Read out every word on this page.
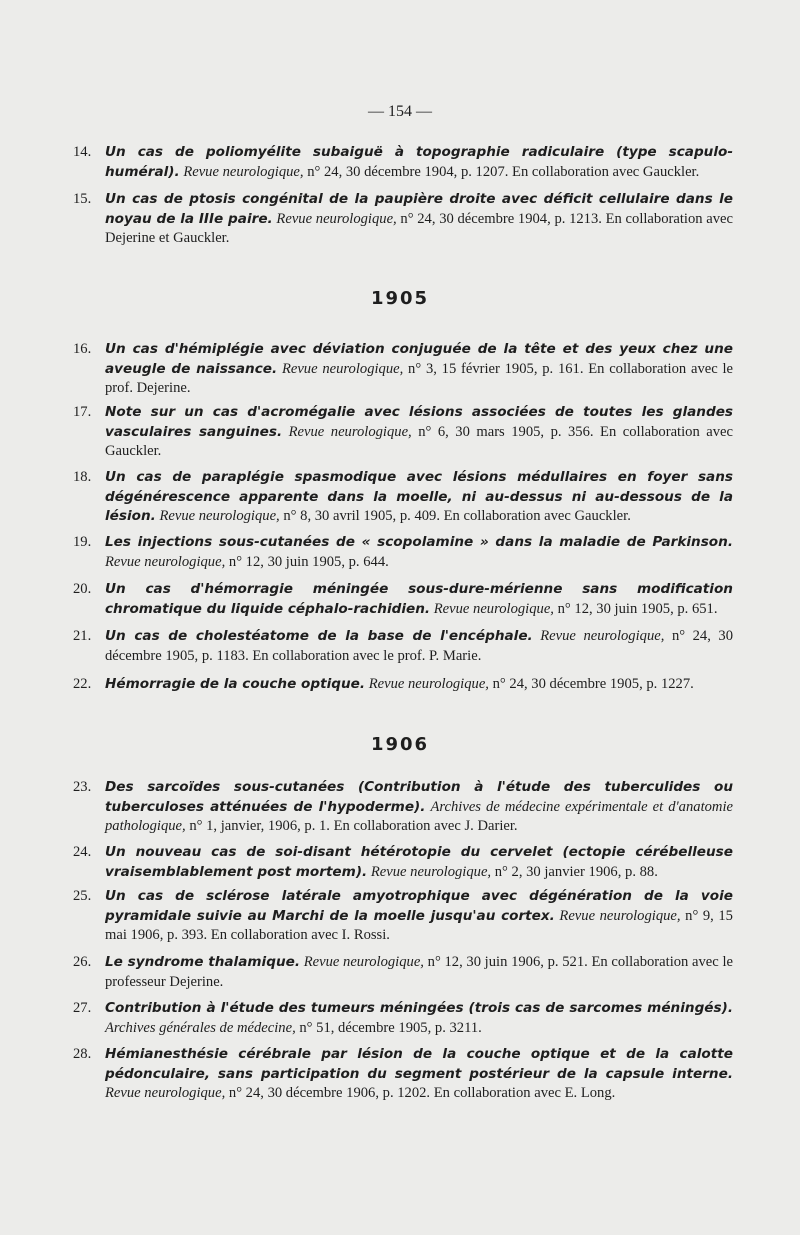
— 154 —
1905
1906
14.	Un cas de poliomyélite subaiguë à topographie radiculaire (type scapulo-huméral). Revue neurologique, n° 24, 30 décembre 1904, p. 1207. En collaboration avec Gauckler.
15.	Un cas de ptosis congénital de la paupière droite avec déficit cellulaire dans le noyau de la IIIe paire. Revue neurologique, n° 24, 30 décembre 1904, p. 1213. En collaboration avec Dejerine et Gauckler.
16.	Un cas d'hémiplégie avec déviation conjuguée de la tête et des yeux chez une aveugle de naissance. Revue neurologique, n° 3, 15 février 1905, p. 161. En collaboration avec le prof. Dejerine.
17.	Note sur un cas d'acromégalie avec lésions associées de toutes les glandes vasculaires sanguines. Revue neurologique, n° 6, 30 mars 1905, p. 356. En collaboration avec Gauckler.
18.	Un cas de paraplégie spasmodique avec lésions médullaires en foyer sans dégénérescence apparente dans la moelle, ni au-dessus ni au-dessous de la lésion. Revue neurologique, n° 8, 30 avril 1905, p. 409. En collaboration avec Gauckler.
19.	Les injections sous-cutanées de « scopolamine » dans la maladie de Parkinson. Revue neurologique, n° 12, 30 juin 1905, p. 644.
20.	Un cas d'hémorragie méningée sous-dure-mérienne sans modification chromatique du liquide céphalo-rachidien. Revue neurologique, n° 12, 30 juin 1905, p. 651.
21.	Un cas de cholestéatome de la base de l'encéphale. Revue neurologique, n° 24, 30 décembre 1905, p. 1183. En collaboration avec le prof. P. Marie.
22.	Hémorragie de la couche optique. Revue neurologique, n° 24, 30 décembre 1905, p. 1227.
23.	Des sarcoïdes sous-cutanées (Contribution à l'étude des tuberculides ou tuberculoses atténuées de l'hypoderme). Archives de médecine expérimentale et d'anatomie pathologique, n° 1, janvier, 1906, p. 1. En collaboration avec J. Darier.
24.	Un nouveau cas de soi-disant hétérotopie du cervelet (ectopie cérébelleuse vraisemblablement post mortem). Revue neurologique, n° 2, 30 janvier 1906, p. 88.
25.	Un cas de sclérose latérale amyotrophique avec dégénération de la voie pyramidale suivie au Marchi de la moelle jusqu'au cortex. Revue neurologique, n° 9, 15 mai 1906, p. 393. En collaboration avec I. Rossi.
26.	Le syndrome thalamique. Revue neurologique, n° 12, 30 juin 1906, p. 521. En collaboration avec le professeur Dejerine.
27.	Contribution à l'étude des tumeurs méningées (trois cas de sarcomes méningés). Archives générales de médecine, n° 51, décembre 1905, p. 3211.
28.	Hémianesthésie cérébrale par lésion de la couche optique et de la calotte pédonculaire, sans participation du segment postérieur de la capsule interne. Revue neurologique, n° 24, 30 décembre 1906, p. 1202. En collaboration avec E. Long.
